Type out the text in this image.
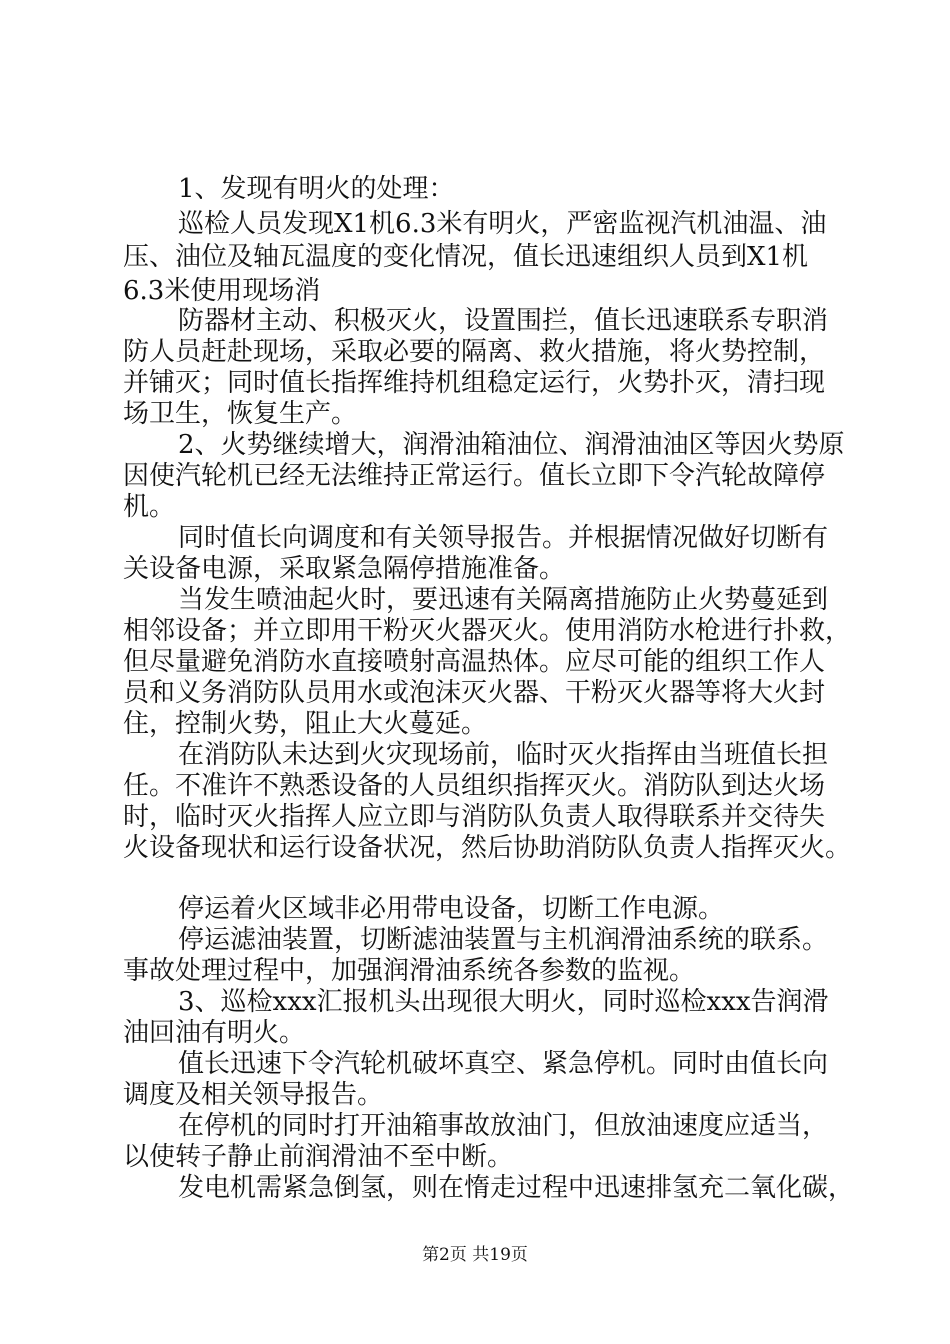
1、发现有明火的处理：
巡检人员发现X1机6.3米有明火，严密监视汽机油温、油
压、油位及轴瓦温度的变化情况，值长迅速组织人员到X1机
6.3米使用现场消
防器材主动、积极灭火，设置围拦，值长迅速联系专职消
防人员赶赴现场，采取必要的隔离、救火措施，将火势控制，
并铺灭；同时值长指挥维持机组稳定运行，火势扑灭，清扫现
场卫生，恢复生产。
2、火势继续增大，润滑油箱油位、润滑油油区等因火势原
因使汽轮机已经无法维持正常运行。值长立即下令汽轮故障停
机。
同时值长向调度和有关领导报告。并根据情况做好切断有
关设备电源，采取紧急隔停措施准备。
当发生喷油起火时，要迅速有关隔离措施防止火势蔓延到
相邻设备；并立即用干粉灭火器灭火。使用消防水枪进行扑救，
但尽量避免消防水直接喷射高温热体。应尽可能的组织工作人
员和义务消防队员用水或泡沫灭火器、干粉灭火器等将大火封
住，控制火势，阻止大火蔓延。
在消防队未达到火灾现场前，临时灭火指挥由当班值长担
任。不准许不熟悉设备的人员组织指挥灭火。消防队到达火场
时，临时灭火指挥人应立即与消防队负责人取得联系并交待失
火设备现状和运行设备状况，然后协助消防队负责人指挥灭火。
停运着火区域非必用带电设备，切断工作电源。
停运滤油装置，切断滤油装置与主机润滑油系统的联系。
事故处理过程中，加强润滑油系统各参数的监视。
3、巡检xxx汇报机头出现很大明火，同时巡检xxx告润滑
油回油有明火。
值长迅速下令汽轮机破坏真空、紧急停机。同时由值长向
调度及相关领导报告。
在停机的同时打开油箱事故放油门，但放油速度应适当，
以使转子静止前润滑油不至中断。
发电机需紧急倒氢，则在惰走过程中迅速排氢充二氧化碳，
第2页 共19页
